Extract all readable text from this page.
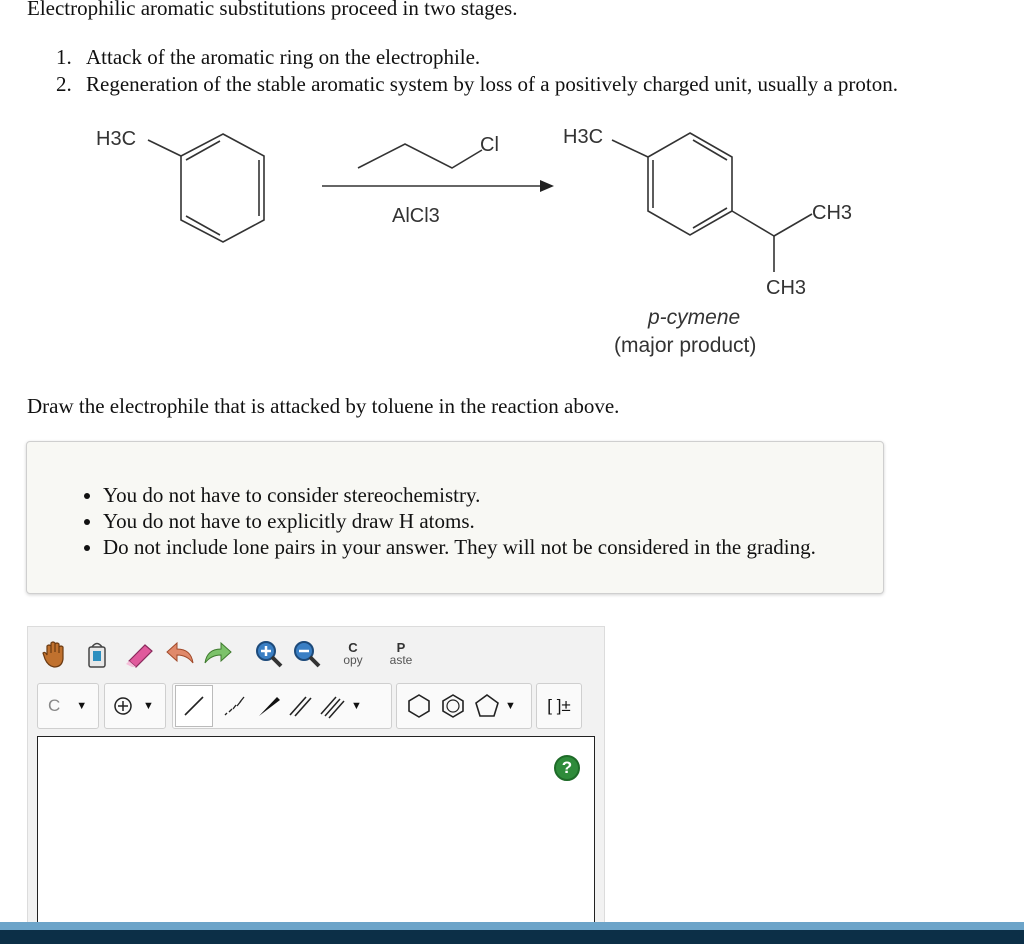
Electrophilic aromatic substitutions proceed in two stages.

1. Attack of the aromatic ring on the electrophile.
2. Regeneration of the stable aromatic system by loss of a positively charged unit, usually a proton.
H3C	Cl
AlCl3
H3C
CH3
CH3
p-cymene
(major product)

Draw the electrophile that is attacked by toluene in the reaction above.

• You do not have to consider stereochemistry.
• You do not have to explicitly draw H atoms.
• Do not include lone pairs in your answer. They will not be considered in the grading.
C
opy
P
aste
C ▼	▼	▼	▼ [ ]±
?
